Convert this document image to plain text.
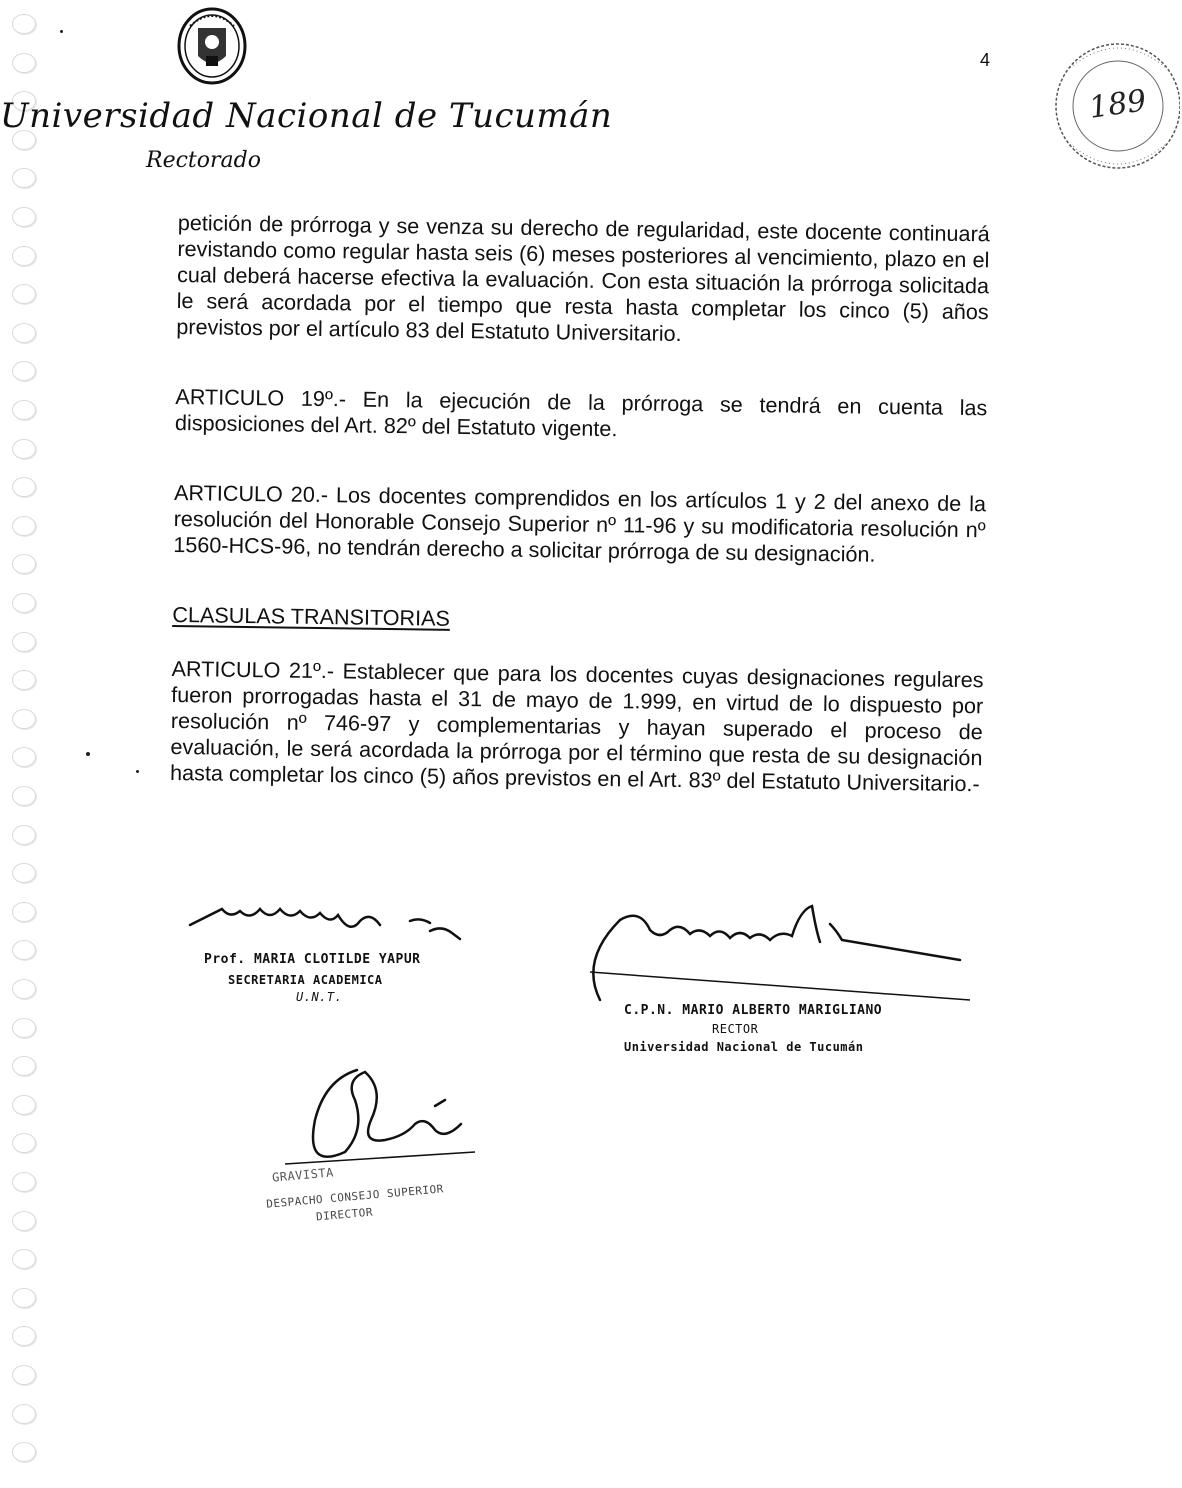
Universidad Nacional de Tucumán
Rectorado
4
189

petición de prórroga y se venza su derecho de regularidad, este docente continuará revistando como regular hasta seis (6) meses posteriores al vencimiento, plazo en el cual deberá hacerse efectiva la evaluación. Con esta situación la prórroga solicitada le será acordada por el tiempo que resta hasta completar los cinco (5) años previstos por el artículo 83 del Estatuto Universitario.

ARTICULO 19º.- En la ejecución de la prórroga se tendrá en cuenta las disposiciones del Art. 82º del Estatuto vigente.

ARTICULO 20.- Los docentes comprendidos en los artículos 1 y 2 del anexo de la resolución del Honorable Consejo Superior nº 11-96 y su modificatoria resolución nº 1560-HCS-96, no tendrán derecho a solicitar prórroga de su designación.

CLASULAS TRANSITORIAS

ARTICULO 21º.- Establecer que para los docentes cuyas designaciones regulares fueron prorrogadas hasta el 31 de mayo de 1.999, en virtud de lo dispuesto por resolución nº 746-97 y complementarias y hayan superado el proceso de evaluación, le será acordada la prórroga por el término que resta de su designación hasta completar los cinco (5) años previstos en el Art. 83º del Estatuto Universitario.-

Prof. MARIA CLOTILDE YAPUR
SECRETARIA ACADEMICA
U.N.T.
C.P.N. MARIO ALBERTO MARIGLIANO
RECTOR
Universidad Nacional de Tucumán
GRAVISTA
DESPACHO CONSEJO SUPERIOR
DIRECTOR
